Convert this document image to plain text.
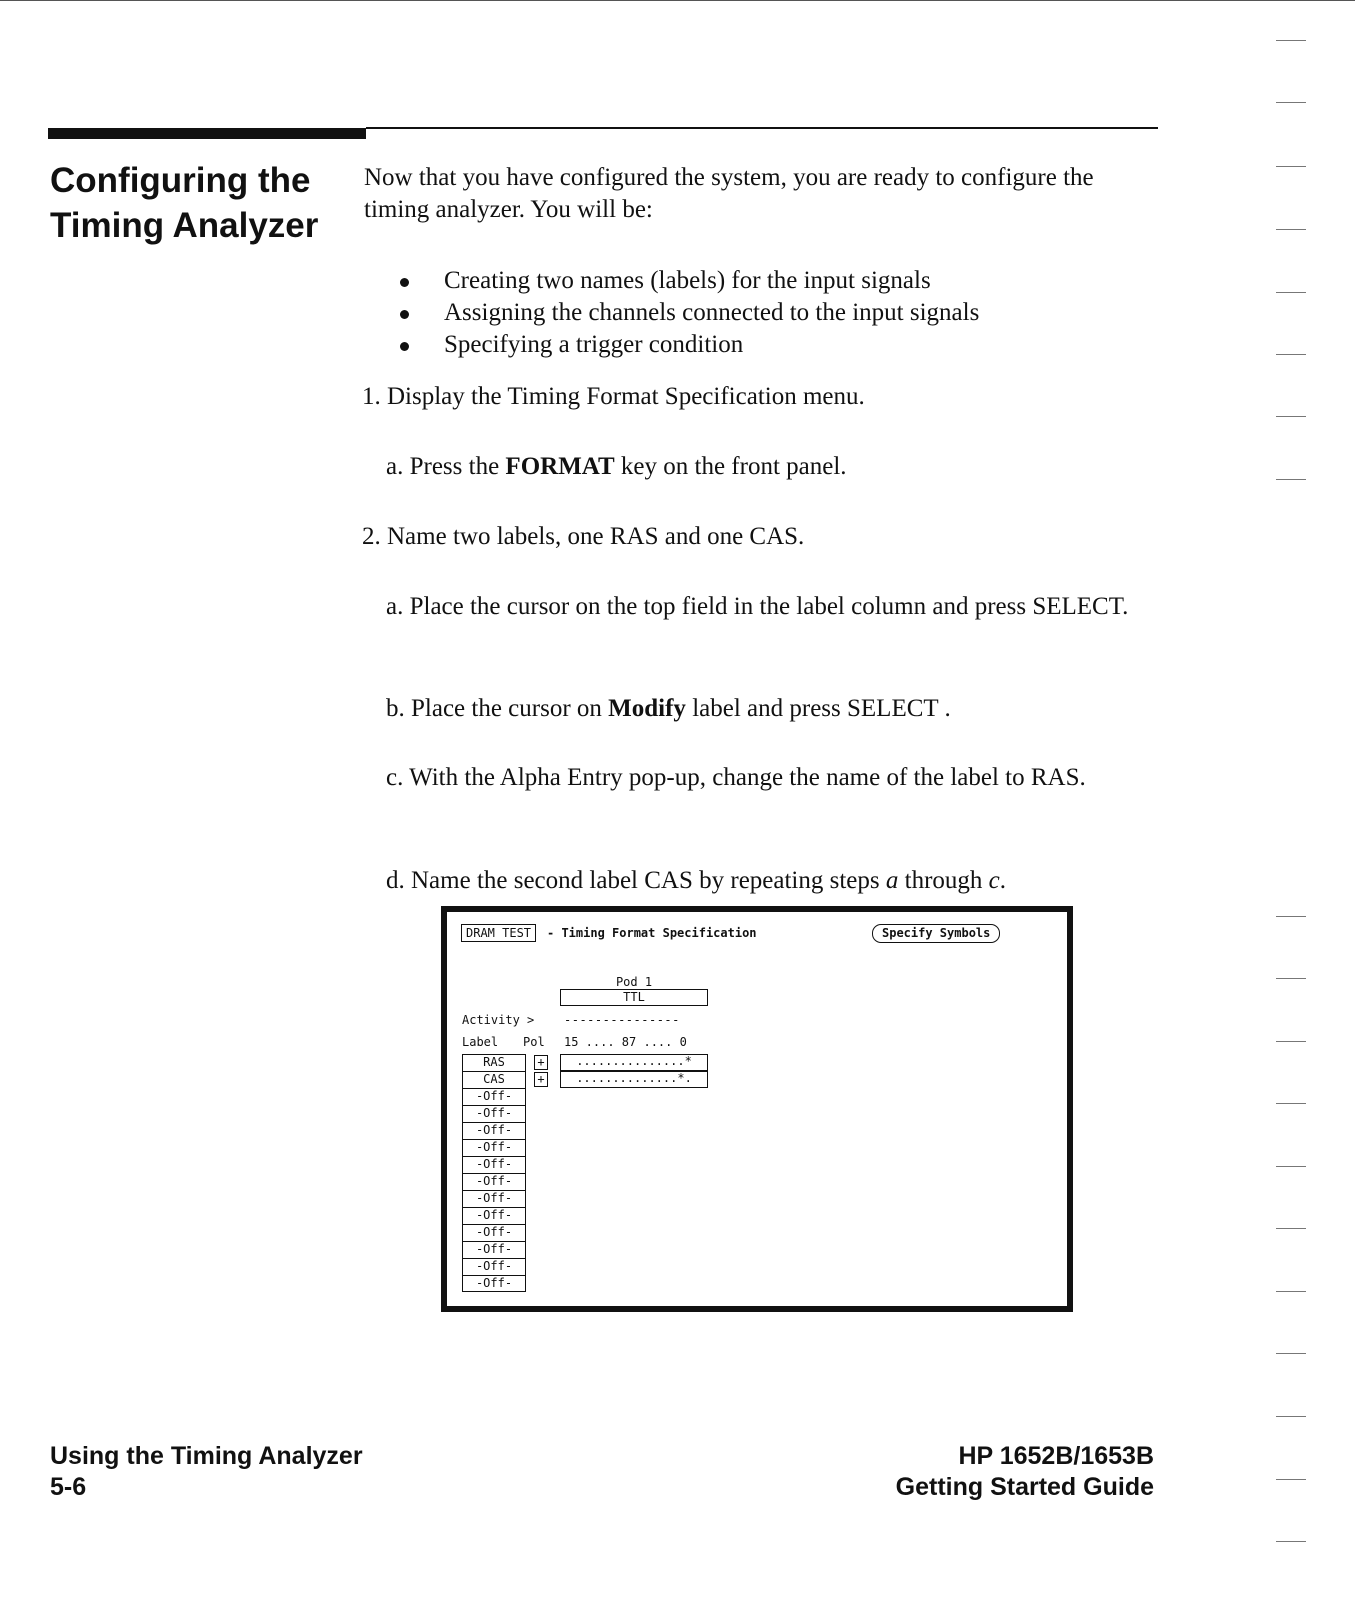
Configuring the
Timing Analyzer
Now that you have configured the system, you are ready to configure the timing analyzer. You will be:
Creating two names (labels) for the input signals
Assigning the channels connected to the input signals
Specifying a trigger condition
1. Display the Timing Format Specification menu.
a. Press the FORMAT key on the front panel.
2. Name two labels, one RAS and one CAS.
a. Place the cursor on the top field in the label column and press SELECT.
b. Place the cursor on Modify label and press SELECT .
c. With the Alpha Entry pop-up, change the name of the label to RAS.
d. Name the second label CAS by repeating steps a through c.
DRAM TEST	- Timing Format Specification	Specify Symbols
Pod 1
TTL
Activity > ---------------
Label Pol 15 .... 87 .... 0
RAS
CAS
-Off-
-Off-
-Off-
-Off-
-Off-
-Off-
-Off-
-Off-
-Off-
-Off-
-Off-
-Off-
+
+
...............*
..............*.
Using the Timing Analyzer
5-6
HP 1652B/1653B
Getting Started Guide
